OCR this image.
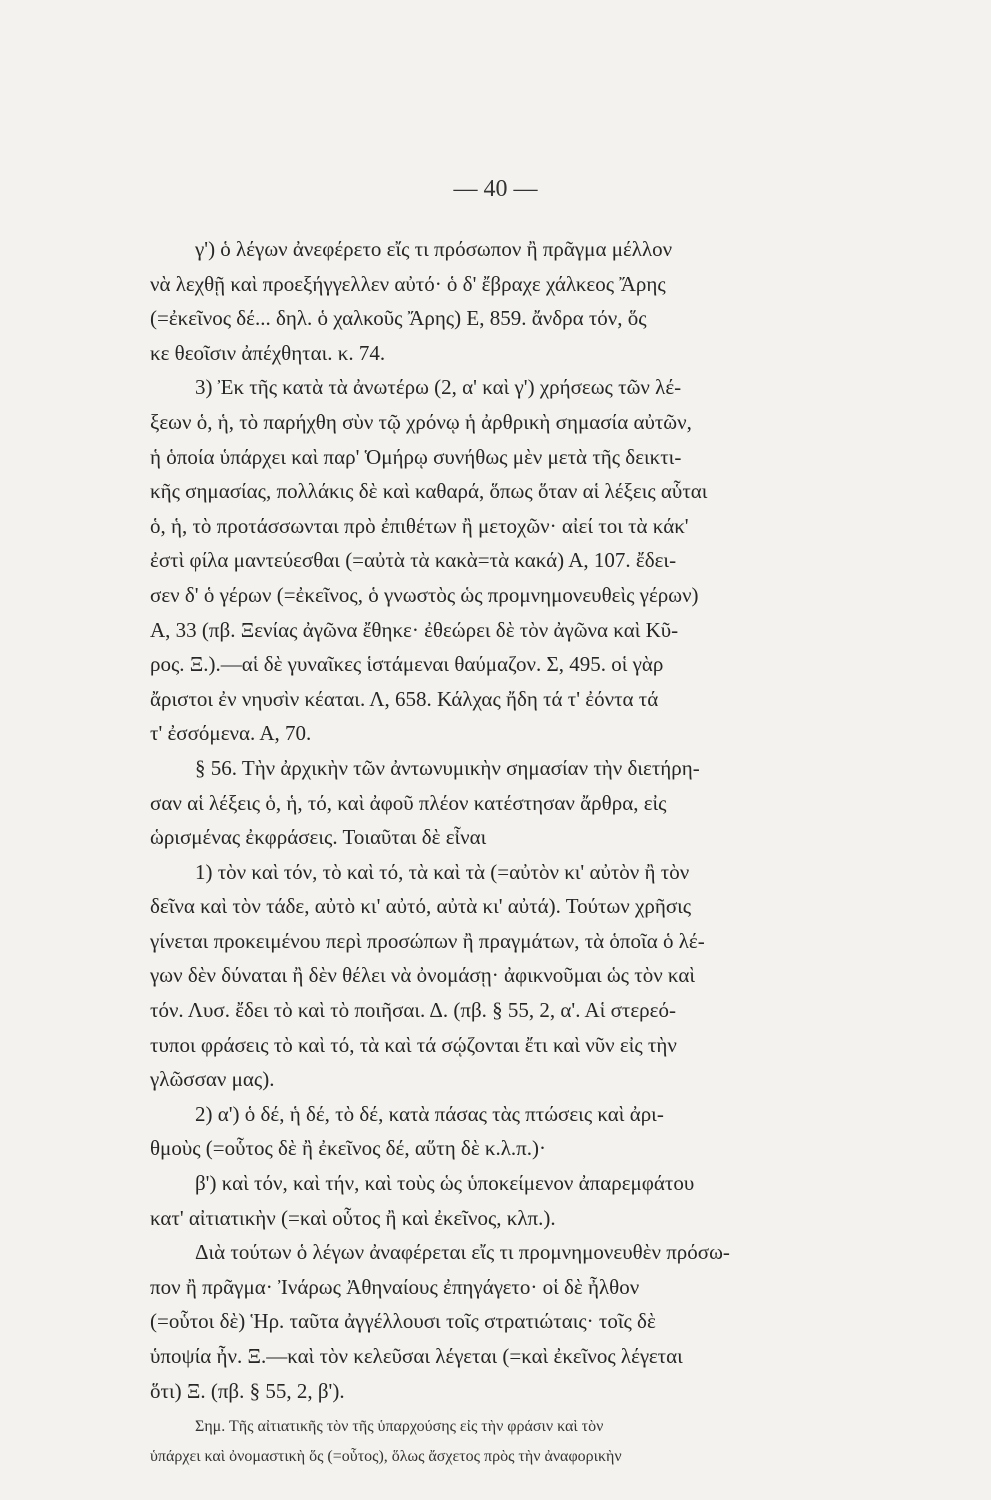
— 40 —
γ') ὁ λέγων ἀνεφέρετο εἴς τι πρόσωπον ἢ πρᾶγμα μέλλον
νὰ λεχθῇ καὶ προεξήγγελλεν αὐτό· ὁ δ' ἔβραχε χάλκεος Ἄρης
(=ἐκεῖνος δέ... δηλ. ὁ χαλκοῦς Ἄρης) Ε, 859. ἄνδρα τόν, ὅς
κε θεοῖσιν ἀπέχθηται. κ. 74.
3) Ἐκ τῆς κατὰ τὰ ἀνωτέρω (2, α' καὶ γ') χρήσεως τῶν λέ-
ξεων ὁ, ἡ, τὸ παρήχθη σὺν τῷ χρόνῳ ἡ ἀρθρικὴ σημασία αὐτῶν,
ἡ ὁποία ὑπάρχει καὶ παρ' Ὁμήρῳ συνήθως μὲν μετὰ τῆς δεικτι-
κῆς σημασίας, πολλάκις δὲ καὶ καθαρά, ὅπως ὅταν αἱ λέξεις αὗται
ὁ, ἡ, τὸ προτάσσωνται πρὸ ἐπιθέτων ἢ μετοχῶν· αἰεί τοι τὰ κάκ'
ἐστὶ φίλα μαντεύεσθαι (=αὐτὰ τὰ κακὰ=τὰ κακά) Α, 107. ἔδει-
σεν δ' ὁ γέρων (=ἐκεῖνος, ὁ γνωστὸς ὡς προμνημονευθεὶς γέρων)
Α, 33 (πβ. Ξενίας ἀγῶνα ἔθηκε· ἐθεώρει δὲ τὸν ἀγῶνα καὶ Κῦ-
ρος. Ξ.).—αἱ δὲ γυναῖκες ἱστάμεναι θαύμαζον. Σ, 495. οἱ γὰρ
ἄριστοι ἐν νηυσὶν κέαται. Λ, 658. Κάλχας ἤδη τά τ' ἐόντα τά
τ' ἐσσόμενα. Α, 70.
§ 56. Τὴν ἀρχικὴν τῶν ἀντωνυμικὴν σημασίαν τὴν διετήρη-
σαν αἱ λέξεις ὁ, ἡ, τό, καὶ ἀφοῦ πλέον κατέστησαν ἄρθρα, εἰς
ὡρισμένας ἐκφράσεις. Τοιαῦται δὲ εἶναι
1) τὸν καὶ τόν, τὸ καὶ τό, τὰ καὶ τὰ (=αὐτὸν κι' αὐτὸν ἢ τὸν
δεῖνα καὶ τὸν τάδε, αὐτὸ κι' αὐτό, αὐτὰ κι' αὐτά). Τούτων χρῆσις
γίνεται προκειμένου περὶ προσώπων ἢ πραγμάτων, τὰ ὁποῖα ὁ λέ-
γων δὲν δύναται ἢ δὲν θέλει νὰ ὀνομάσῃ· ἀφικνοῦμαι ὡς τὸν καὶ
τόν. Λυσ. ἔδει τὸ καὶ τὸ ποιῆσαι. Δ. (πβ. § 55, 2, α'. Αἱ στερεό-
τυποι φράσεις τὸ καὶ τό, τὰ καὶ τά σῴζονται ἔτι καὶ νῦν εἰς τὴν
γλῶσσαν μας).
2) α') ὁ δέ, ἡ δέ, τὸ δέ, κατὰ πάσας τὰς πτώσεις καὶ ἀρι-
θμοὺς (=οὗτος δὲ ἢ ἐκεῖνος δέ, αὕτη δὲ κ.λ.π.)·
β') καὶ τόν, καὶ τήν, καὶ τοὺς ὡς ὑποκείμενον ἀπαρεμφάτου
κατ' αἰτιατικὴν (=καὶ οὗτος ἢ καὶ ἐκεῖνος, κλπ.).
Διὰ τούτων ὁ λέγων ἀναφέρεται εἴς τι προμνημονευθὲν πρόσω-
πον ἢ πρᾶγμα· Ἰνάρως Ἀθηναίους ἐπηγάγετο· οἱ δὲ ἦλθον
(=οὗτοι δὲ) Ἡρ. ταῦτα ἀγγέλλουσι τοῖς στρατιώταις· τοῖς δὲ
ὑποψία ἦν. Ξ.—καὶ τὸν κελεῦσαι λέγεται (=καὶ ἐκεῖνος λέγεται
ὅτι) Ξ. (πβ. § 55, 2, β').
Σημ. Τῆς αἰτιατικῆς τὸν τῆς ὑπαρχούσης εἰς τὴν φράσιν καὶ τὸν
ὑπάρχει καὶ ὀνομαστικὴ ὅς (=οὗτος), ὅλως ἄσχετος πρὸς τὴν ἀναφορικὴν
